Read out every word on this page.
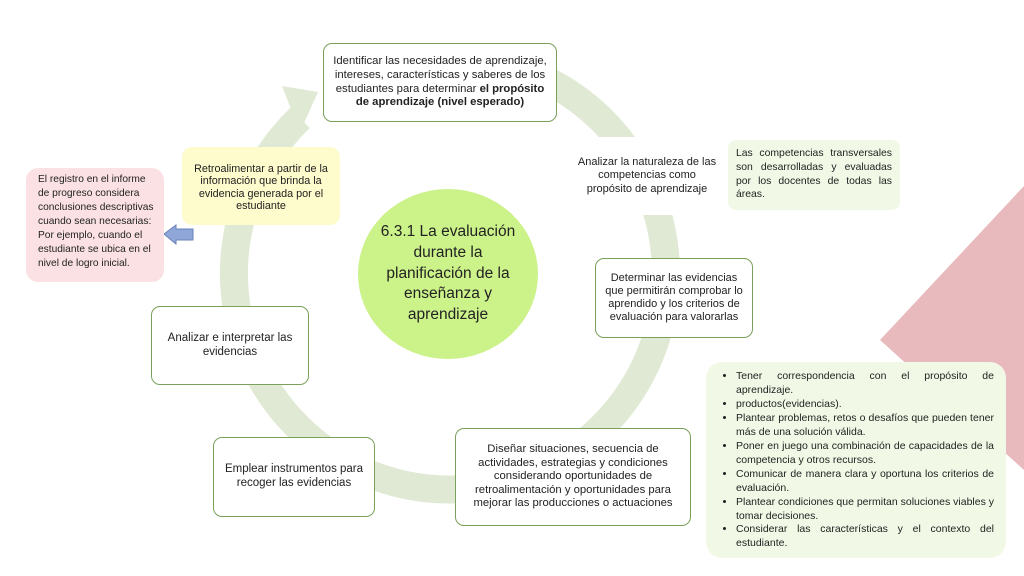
6.3.1 La evaluación durante la planificación de la enseñanza y aprendizaje
Identificar las necesidades de aprendizaje, intereses, características y saberes de los estudiantes para determinar el propósito de aprendizaje (nivel esperado)
Analizar la naturaleza de las competencias como propósito de aprendizaje
Determinar las evidencias que permitirán comprobar lo aprendido y los criterios de evaluación para valorarlas
Diseñar situaciones, secuencia de actividades, estrategias y condiciones considerando oportunidades de retroalimentación y oportunidades para mejorar las producciones o actuaciones
Emplear instrumentos para recoger las evidencias
Analizar e interpretar las evidencias
Retroalimentar a partir de la información que brinda la evidencia generada por el estudiante
El registro en el informe de progreso considera conclusiones descriptivas cuando sean necesarias: Por ejemplo, cuando el estudiante se ubica en el nivel de logro inicial.
Las competencias transversales son desarrolladas y evaluadas por los docentes de todas las áreas.
• Tener correspondencia con el propósito de aprendizaje.
• productos(evidencias).
• Plantear problemas, retos o desafíos que pueden tener más de una solución válida.
• Poner en juego una combinación de capacidades de la competencia y otros recursos.
• Comunicar de manera clara y oportuna los criterios de evaluación.
• Plantear condiciones que permitan soluciones viables y tomar decisiones.
• Considerar las características y el contexto del estudiante.
